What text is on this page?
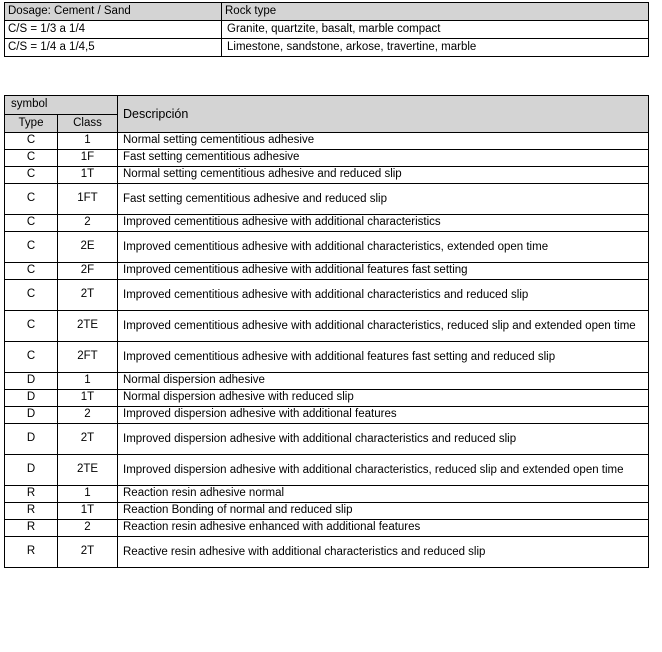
Dosage: Cement / Sand	Rock type
C/S = 1/3 a 1/4	Granite, quartzite, basalt, marble compact
C/S = 1/4 a 1/4,5	Limestone, sandstone, arkose, travertine, marble
symbol		Descripción
Type	Class	
C	1	Normal setting cementitious adhesive
C	1F	Fast setting cementitious adhesive
C	1T	Normal setting cementitious adhesive and reduced slip
C	1FT	Fast setting cementitious adhesive and reduced slip
C	2	Improved cementitious adhesive with additional characteristics
C	2E	Improved cementitious adhesive with additional characteristics, extended open time
C	2F	Improved cementitious adhesive with additional features fast setting
C	2T	Improved cementitious adhesive with additional characteristics and reduced slip
C	2TE	Improved cementitious adhesive with additional characteristics, reduced slip and extended open time
C	2FT	Improved cementitious adhesive with additional features fast setting and reduced slip
D	1	Normal dispersion adhesive
D	1T	Normal dispersion adhesive with reduced slip
D	2	Improved dispersion adhesive with additional features
D	2T	Improved dispersion adhesive with additional characteristics and reduced slip
D	2TE	Improved dispersion adhesive with additional characteristics, reduced slip and extended open time
R	1	Reaction resin adhesive normal
R	1T	Reaction Bonding of normal and reduced slip
R	2	Reaction resin adhesive enhanced with additional features
R	2T	Reactive resin adhesive with additional characteristics and reduced slip
